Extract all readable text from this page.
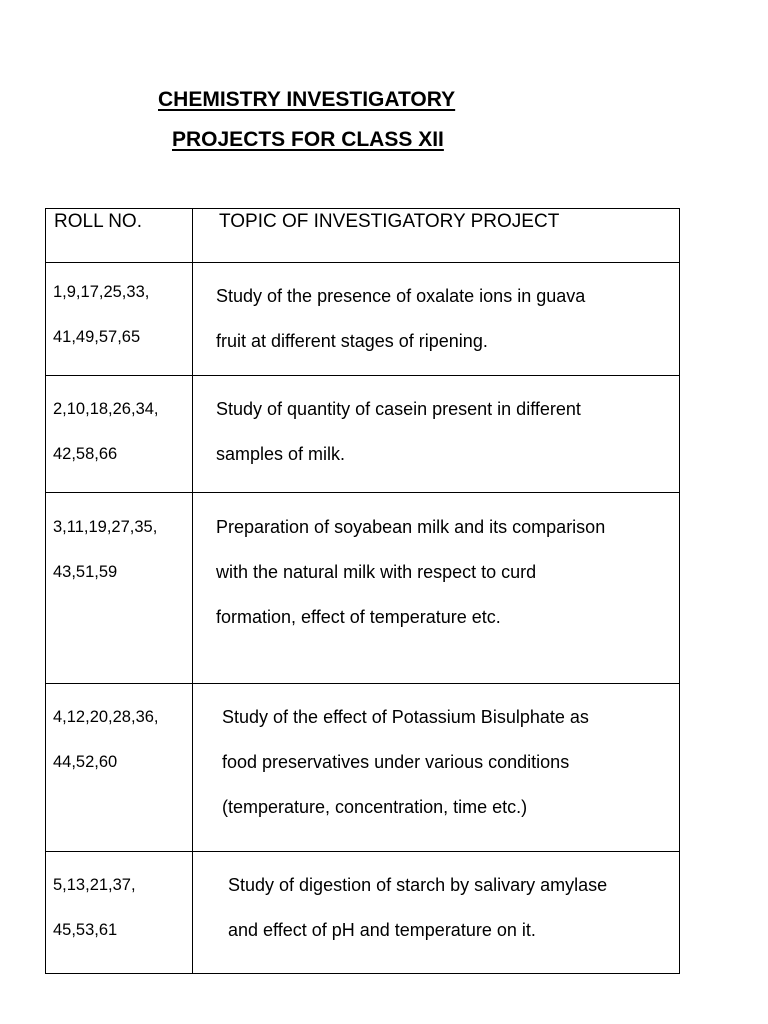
CHEMISTRY INVESTIGATORY
PROJECTS FOR CLASS XII
ROLL NO.	TOPIC OF INVESTIGATORY PROJECT

1,9,17,25,33,
41,49,57,65	Study of the presence of oxalate ions in guava
fruit at different stages of ripening.

2,10,18,26,34,
42,58,66	Study of quantity of casein present in different
samples of milk.

3,11,19,27,35,
43,51,59	Preparation of soyabean milk and its comparison
with the natural milk with respect to curd
formation, effect of temperature etc.

4,12,20,28,36,
44,52,60	Study of the effect of Potassium Bisulphate as
food preservatives under various conditions
(temperature, concentration, time etc.)

5,13,21,37,
45,53,61	Study of digestion of starch by salivary amylase
and effect of pH and temperature on it.
